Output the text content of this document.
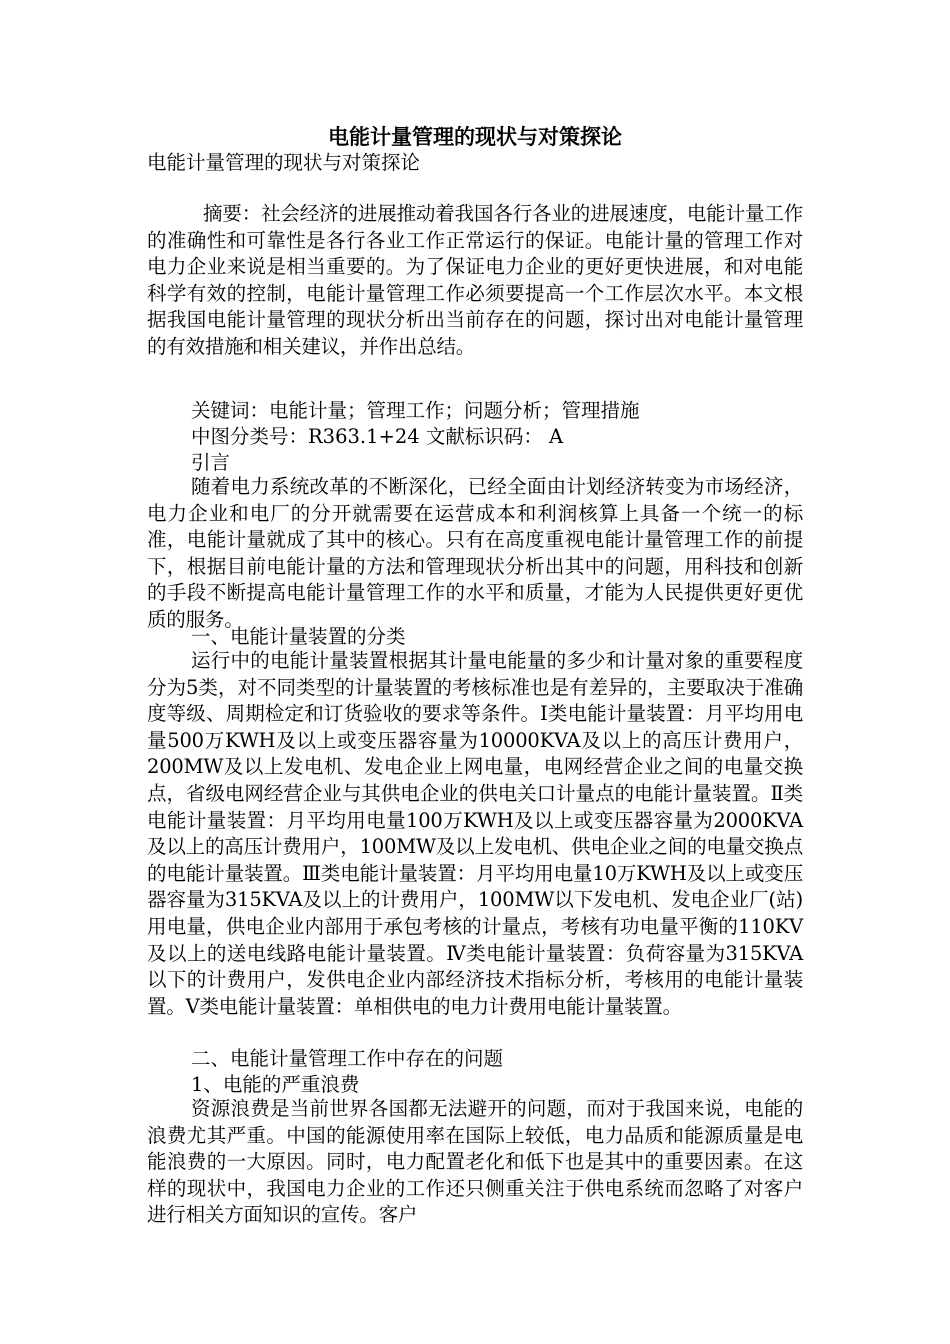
电能计量管理的现状与对策探论
电能计量管理的现状与对策探论
摘要：社会经济的进展推动着我国各行各业的进展速度，电能计量工作的准确性和可靠性是各行各业工作正常运行的保证。电能计量的管理工作对电力企业来说是相当重要的。为了保证电力企业的更好更快进展，和对电能科学有效的控制，电能计量管理工作必须要提高一个工作层次水平。本文根据我国电能计量管理的现状分析出当前存在的问题，探讨出对电能计量管理的有效措施和相关建议，并作出总结。
关键词：电能计量；管理工作；问题分析；管理措施
中图分类号：R363.1+24 文献标识码： A
引言
随着电力系统改革的不断深化，已经全面由计划经济转变为市场经济，电力企业和电厂的分开就需要在运营成本和利润核算上具备一个统一的标准，电能计量就成了其中的核心。只有在高度重视电能计量管理工作的前提下，根据目前电能计量的方法和管理现状分析出其中的问题，用科技和创新的手段不断提高电能计量管理工作的水平和质量，才能为人民提供更好更优质的服务。
一、电能计量装置的分类
运行中的电能计量装置根据其计量电能量的多少和计量对象的重要程度分为5类，对不同类型的计量装置的考核标准也是有差异的，主要取决于准确度等级、周期检定和订货验收的要求等条件。Ⅰ类电能计量装置：月平均用电量500万KWH及以上或变压器容量为10000KVA及以上的高压计费用户，200MW及以上发电机、发电企业上网电量，电网经营企业之间的电量交换点，省级电网经营企业与其供电企业的供电关口计量点的电能计量装置。Ⅱ类电能计量装置：月平均用电量100万KWH及以上或变压器容量为2000KVA及以上的高压计费用户，100MW及以上发电机、供电企业之间的电量交换点的电能计量装置。Ⅲ类电能计量装置：月平均用电量10万KWH及以上或变压器容量为315KVA及以上的计费用户，100MW以下发电机、发电企业厂(站)用电量，供电企业内部用于承包考核的计量点，考核有功电量平衡的110KV及以上的送电线路电能计量装置。Ⅳ类电能计量装置：负荷容量为315KVA以下的计费用户，发供电企业内部经济技术指标分析，考核用的电能计量装置。Ⅴ类电能计量装置：单相供电的电力计费用电能计量装置。
二、电能计量管理工作中存在的问题
1、电能的严重浪费
资源浪费是当前世界各国都无法避开的问题，而对于我国来说，电能的浪费尤其严重。中国的能源使用率在国际上较低，电力品质和能源质量是电能浪费的一大原因。同时，电力配置老化和低下也是其中的重要因素。在这样的现状中，我国电力企业的工作还只侧重关注于供电系统而忽略了对客户进行相关方面知识的宣传。客户
